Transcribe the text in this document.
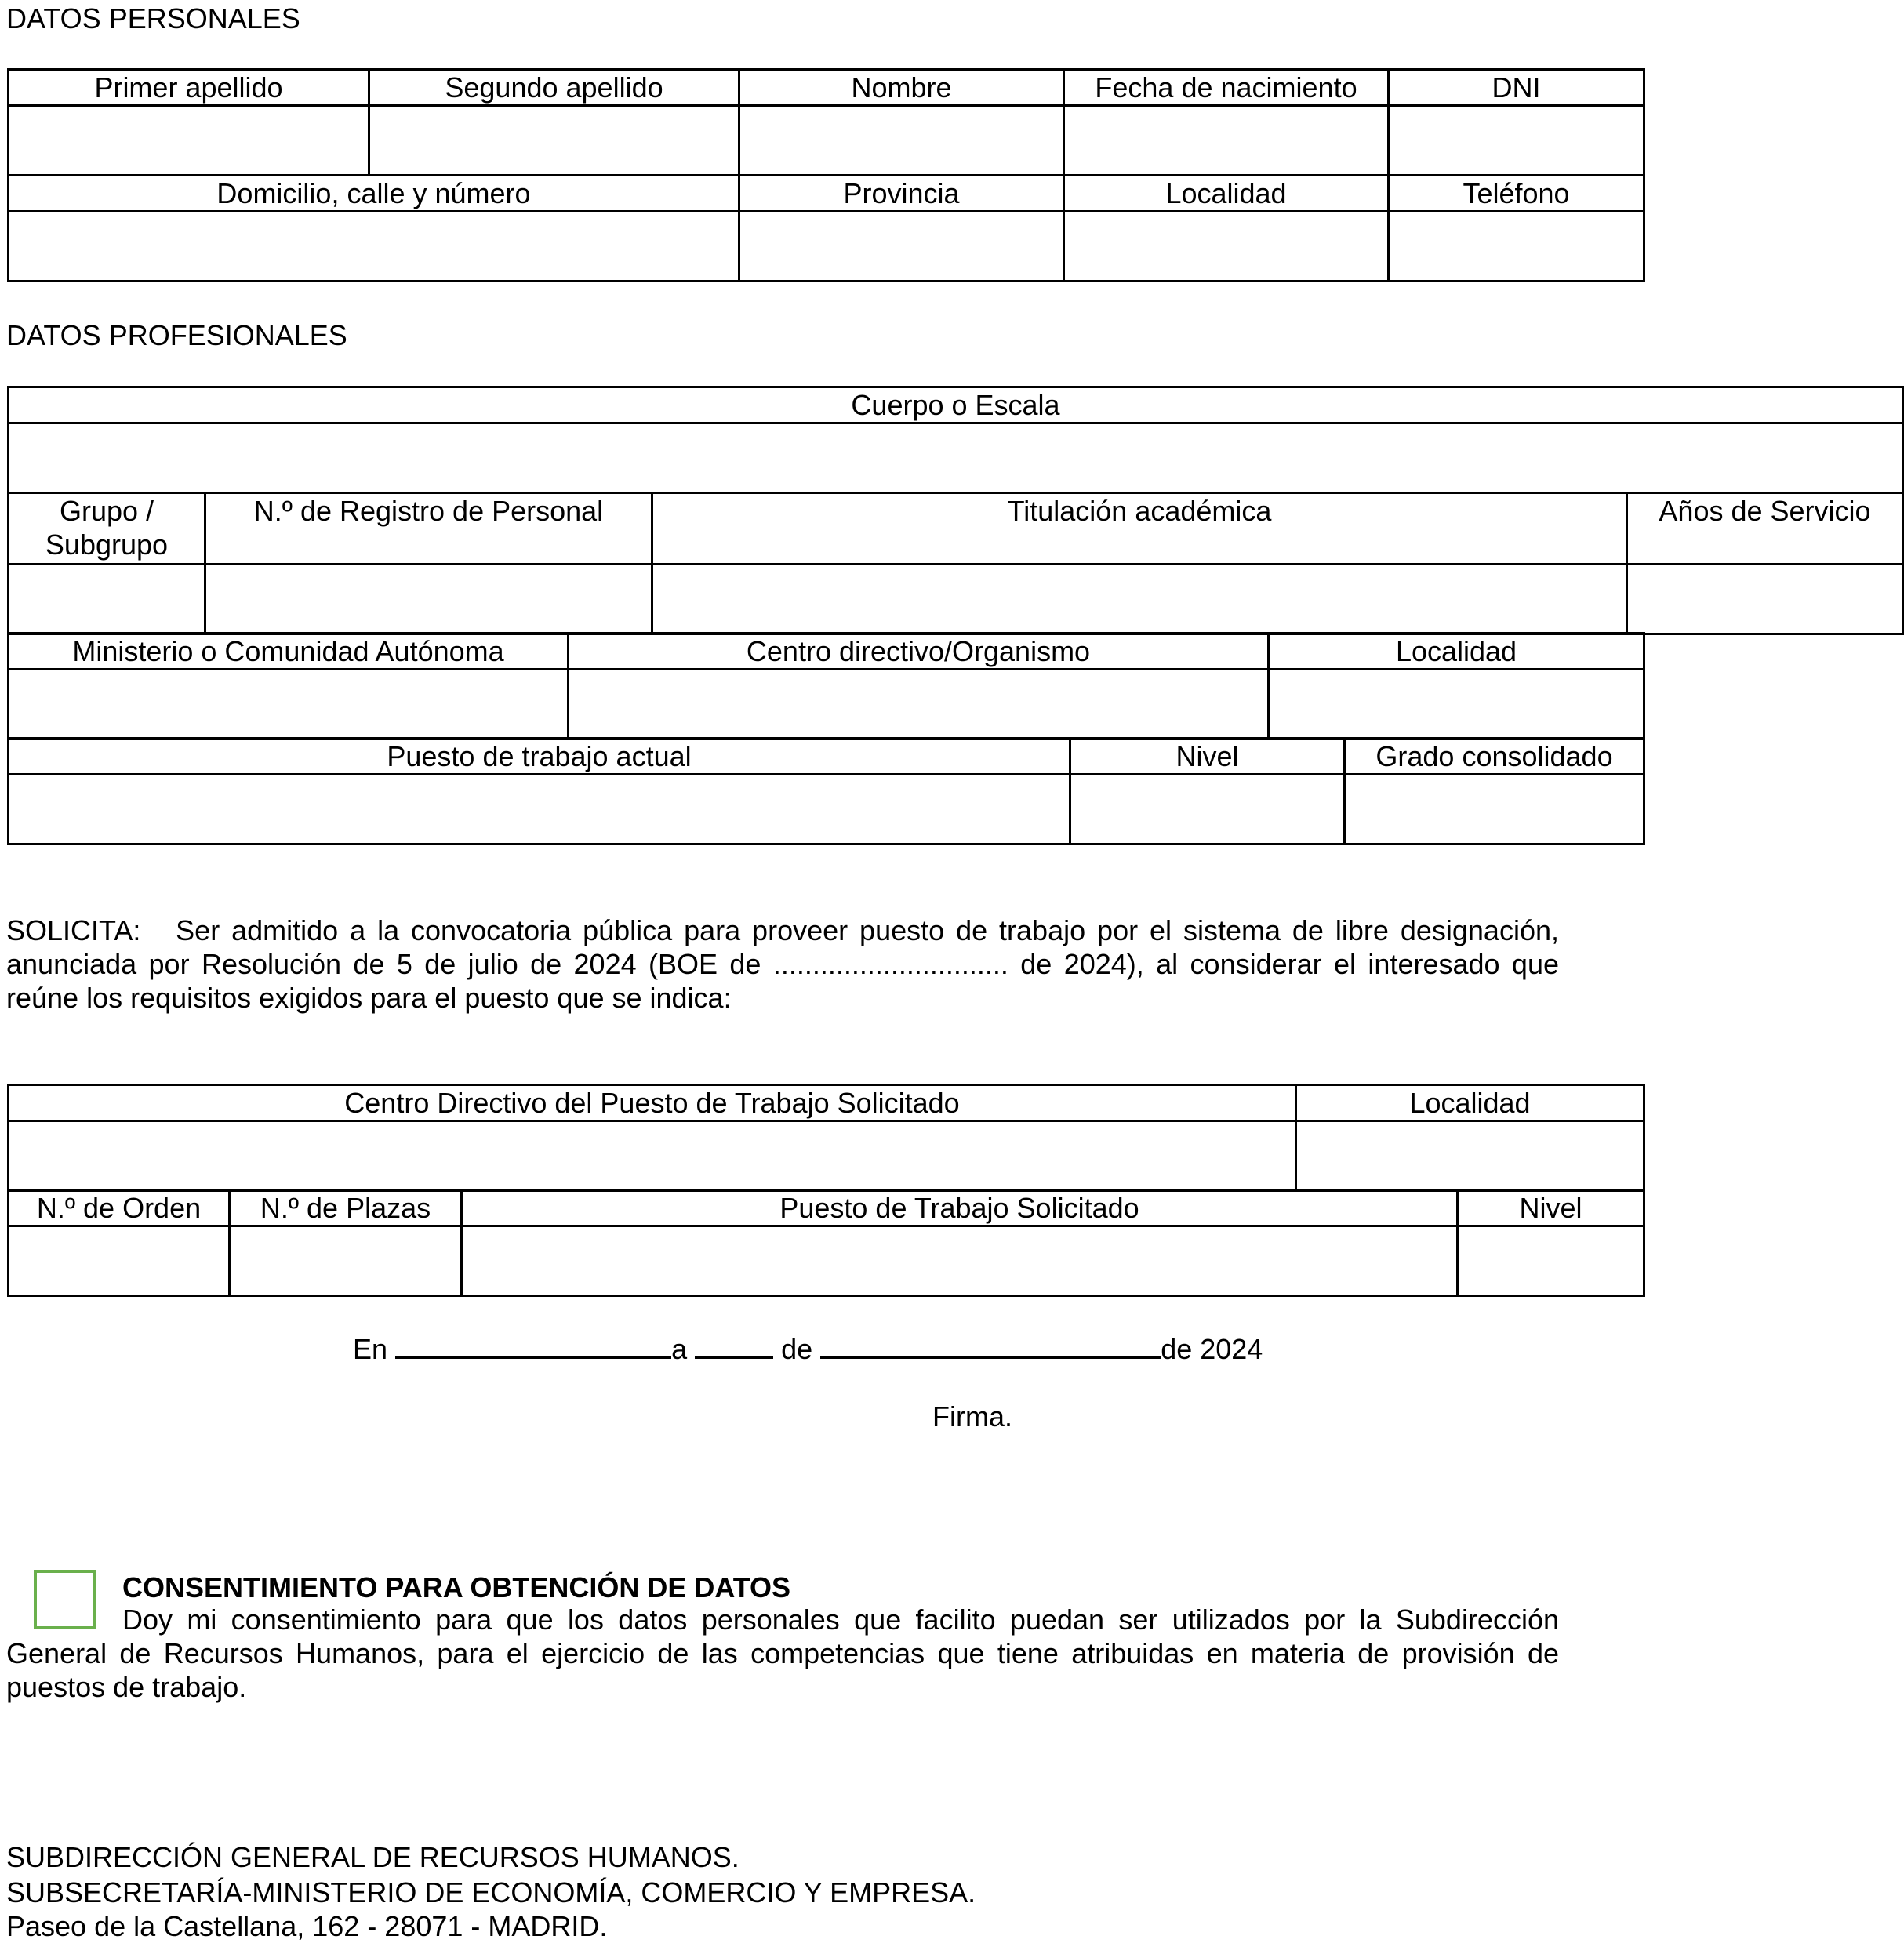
DATOS PERSONALES
Primer apellido	Segundo apellido	Nombre	Fecha de nacimiento	DNI

Domicilio, calle y número		Provincia	Localidad	Teléfono

DATOS PROFESIONALES
Cuerpo o Escala			

Grupo / Subgrupo	N.º de Registro de Personal	Titulación académica	Años de Servicio

Ministerio o Comunidad Autónoma	Centro directivo/Organismo	Localidad

Puesto de trabajo actual	Nivel	Grado consolidado

SOLICITA: Ser admitido a la convocatoria pública para proveer puesto de trabajo por el sistema de libre designación, anunciada por Resolución de 5 de julio de 2024 (BOE de .............................. de 2024), al considerar el interesado que reúne los requisitos exigidos para el puesto que se indica:
Centro Directivo del Puesto de Trabajo Solicitado	Localidad

N.º de Orden	N.º de Plazas	Puesto de Trabajo Solicitado	Nivel

En	a	de	de 2024
Firma.
CONSENTIMIENTO PARA OBTENCIÓN DE DATOS
Doy mi consentimiento para que los datos personales que facilito puedan ser utilizados por la Subdirección General de Recursos Humanos, para el ejercicio de las competencias que tiene atribuidas en materia de provisión de puestos de trabajo.
SUBDIRECCIÓN GENERAL DE RECURSOS HUMANOS.
SUBSECRETARÍA-MINISTERIO DE ECONOMÍA, COMERCIO Y EMPRESA.
Paseo de la Castellana, 162 - 28071 - MADRID.
